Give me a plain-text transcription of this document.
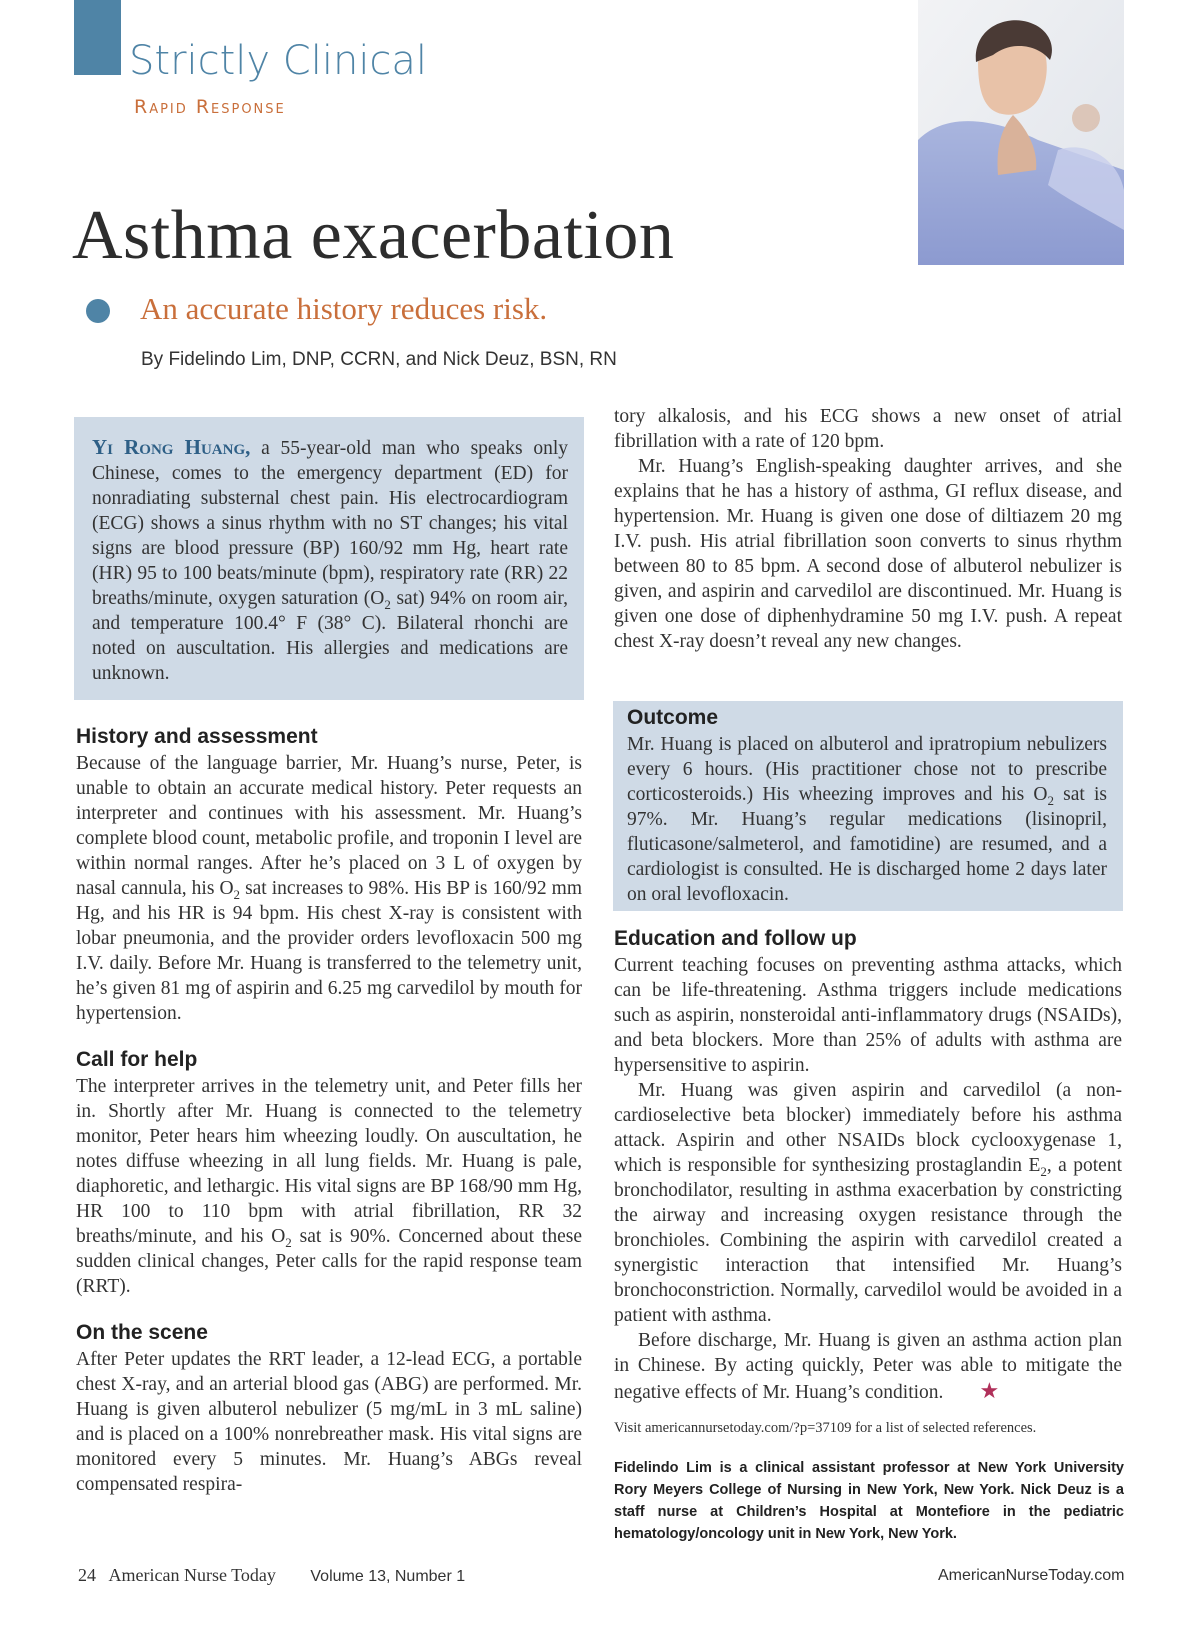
Strictly Clinical
Rapid Response
Asthma exacerbation
An accurate history reduces risk.
By Fidelindo Lim, DNP, CCRN, and Nick Deuz, BSN, RN

Yi Rong Huang, a 55-year-old man who speaks only Chinese, comes to the emergency department (ED) for nonradiating substernal chest pain. His electrocardiogram (ECG) shows a sinus rhythm with no ST changes; his vital signs are blood pressure (BP) 160/92 mm Hg, heart rate (HR) 95 to 100 beats/minute (bpm), respiratory rate (RR) 22 breaths/minute, oxygen saturation ($O_2$ sat) 94% on room air, and temperature 100.4° F (38° C). Bilateral rhonchi are noted on auscultation. His allergies and medications are unknown.

History and assessment

Because of the language barrier, Mr. Huang’s nurse, Peter, is unable to obtain an accurate medical history. Peter requests an interpreter and continues with his assessment. Mr. Huang’s complete blood count, metabolic profile, and troponin I level are within normal ranges. After he’s placed on 3 L of oxygen by nasal cannula, his $O_2$ sat increases to 98%. His BP is 160/92 mm Hg, and his HR is 94 bpm. His chest X-ray is consistent with lobar pneumonia, and the provider orders levofloxacin 500 mg I.V. daily. Before Mr. Huang is transferred to the telemetry unit, he’s given 81 mg of aspirin and 6.25 mg carvedilol by mouth for hypertension.

Call for help

The interpreter arrives in the telemetry unit, and Peter fills her in. Shortly after Mr. Huang is connected to the telemetry monitor, Peter hears him wheezing loudly. On auscultation, he notes diffuse wheezing in all lung fields. Mr. Huang is pale, diaphoretic, and lethargic. His vital signs are BP 168/90 mm Hg, HR 100 to 110 bpm with atrial fibrillation, RR 32 breaths/minute, and his $O_2$ sat is 90%. Concerned about these sudden clinical changes, Peter calls for the rapid response team (RRT).

On the scene

After Peter updates the RRT leader, a 12-lead ECG, a portable chest X-ray, and an arterial blood gas (ABG) are performed. Mr. Huang is given albuterol nebulizer (5 mg/mL in 3 mL saline) and is placed on a 100% nonrebreather mask. His vital signs are monitored every 5 minutes. Mr. Huang’s ABGs reveal compensated respira-

tory alkalosis, and his ECG shows a new onset of atrial fibrillation with a rate of 120 bpm.

Mr. Huang’s English-speaking daughter arrives, and she explains that he has a history of asthma, GI reflux disease, and hypertension. Mr. Huang is given one dose of diltiazem 20 mg I.V. push. His atrial fibrillation soon converts to sinus rhythm between 80 to 85 bpm. A second dose of albuterol nebulizer is given, and aspirin and carvedilol are discontinued. Mr. Huang is given one dose of diphenhydramine 50 mg I.V. push. A repeat chest X-ray doesn’t reveal any new changes.

Outcome

Mr. Huang is placed on albuterol and ipratropium nebulizers every 6 hours. (His practitioner chose not to prescribe corticosteroids.) His wheezing improves and his $O_2$ sat is 97%. Mr. Huang’s regular medications (lisinopril, fluticasone/salmeterol, and famotidine) are resumed, and a cardiologist is consulted. He is discharged home 2 days later on oral levofloxacin.

Education and follow up

Current teaching focuses on preventing asthma attacks, which can be life-threatening. Asthma triggers include medications such as aspirin, nonsteroidal anti-inflammatory drugs (NSAIDs), and beta blockers. More than 25% of adults with asthma are hypersensitive to aspirin.

Mr. Huang was given aspirin and carvedilol (a non-cardioselective beta blocker) immediately before his asthma attack. Aspirin and other NSAIDs block cyclooxygenase 1, which is responsible for synthesizing prostaglandin $E_2$, a potent bronchodilator, resulting in asthma exacerbation by constricting the airway and increasing oxygen resistance through the bronchioles. Combining the aspirin with carvedilol created a synergistic interaction that intensified Mr. Huang’s bronchoconstriction. Normally, carvedilol would be avoided in a patient with asthma.

Before discharge, Mr. Huang is given an asthma action plan in Chinese. By acting quickly, Peter was able to mitigate the negative effects of Mr. Huang’s condition. ★

Visit americannursetoday.com/?p=37109 for a list of selected references.
Fidelindo Lim is a clinical assistant professor at New York University Rory Meyers College of Nursing in New York, New York. Nick Deuz is a staff nurse at Children’s Hospital at Montefiore in the pediatric hematology/oncology unit in New York, New York.
24 American Nurse Today Volume 13, Number 1	AmericanNurseToday.com
